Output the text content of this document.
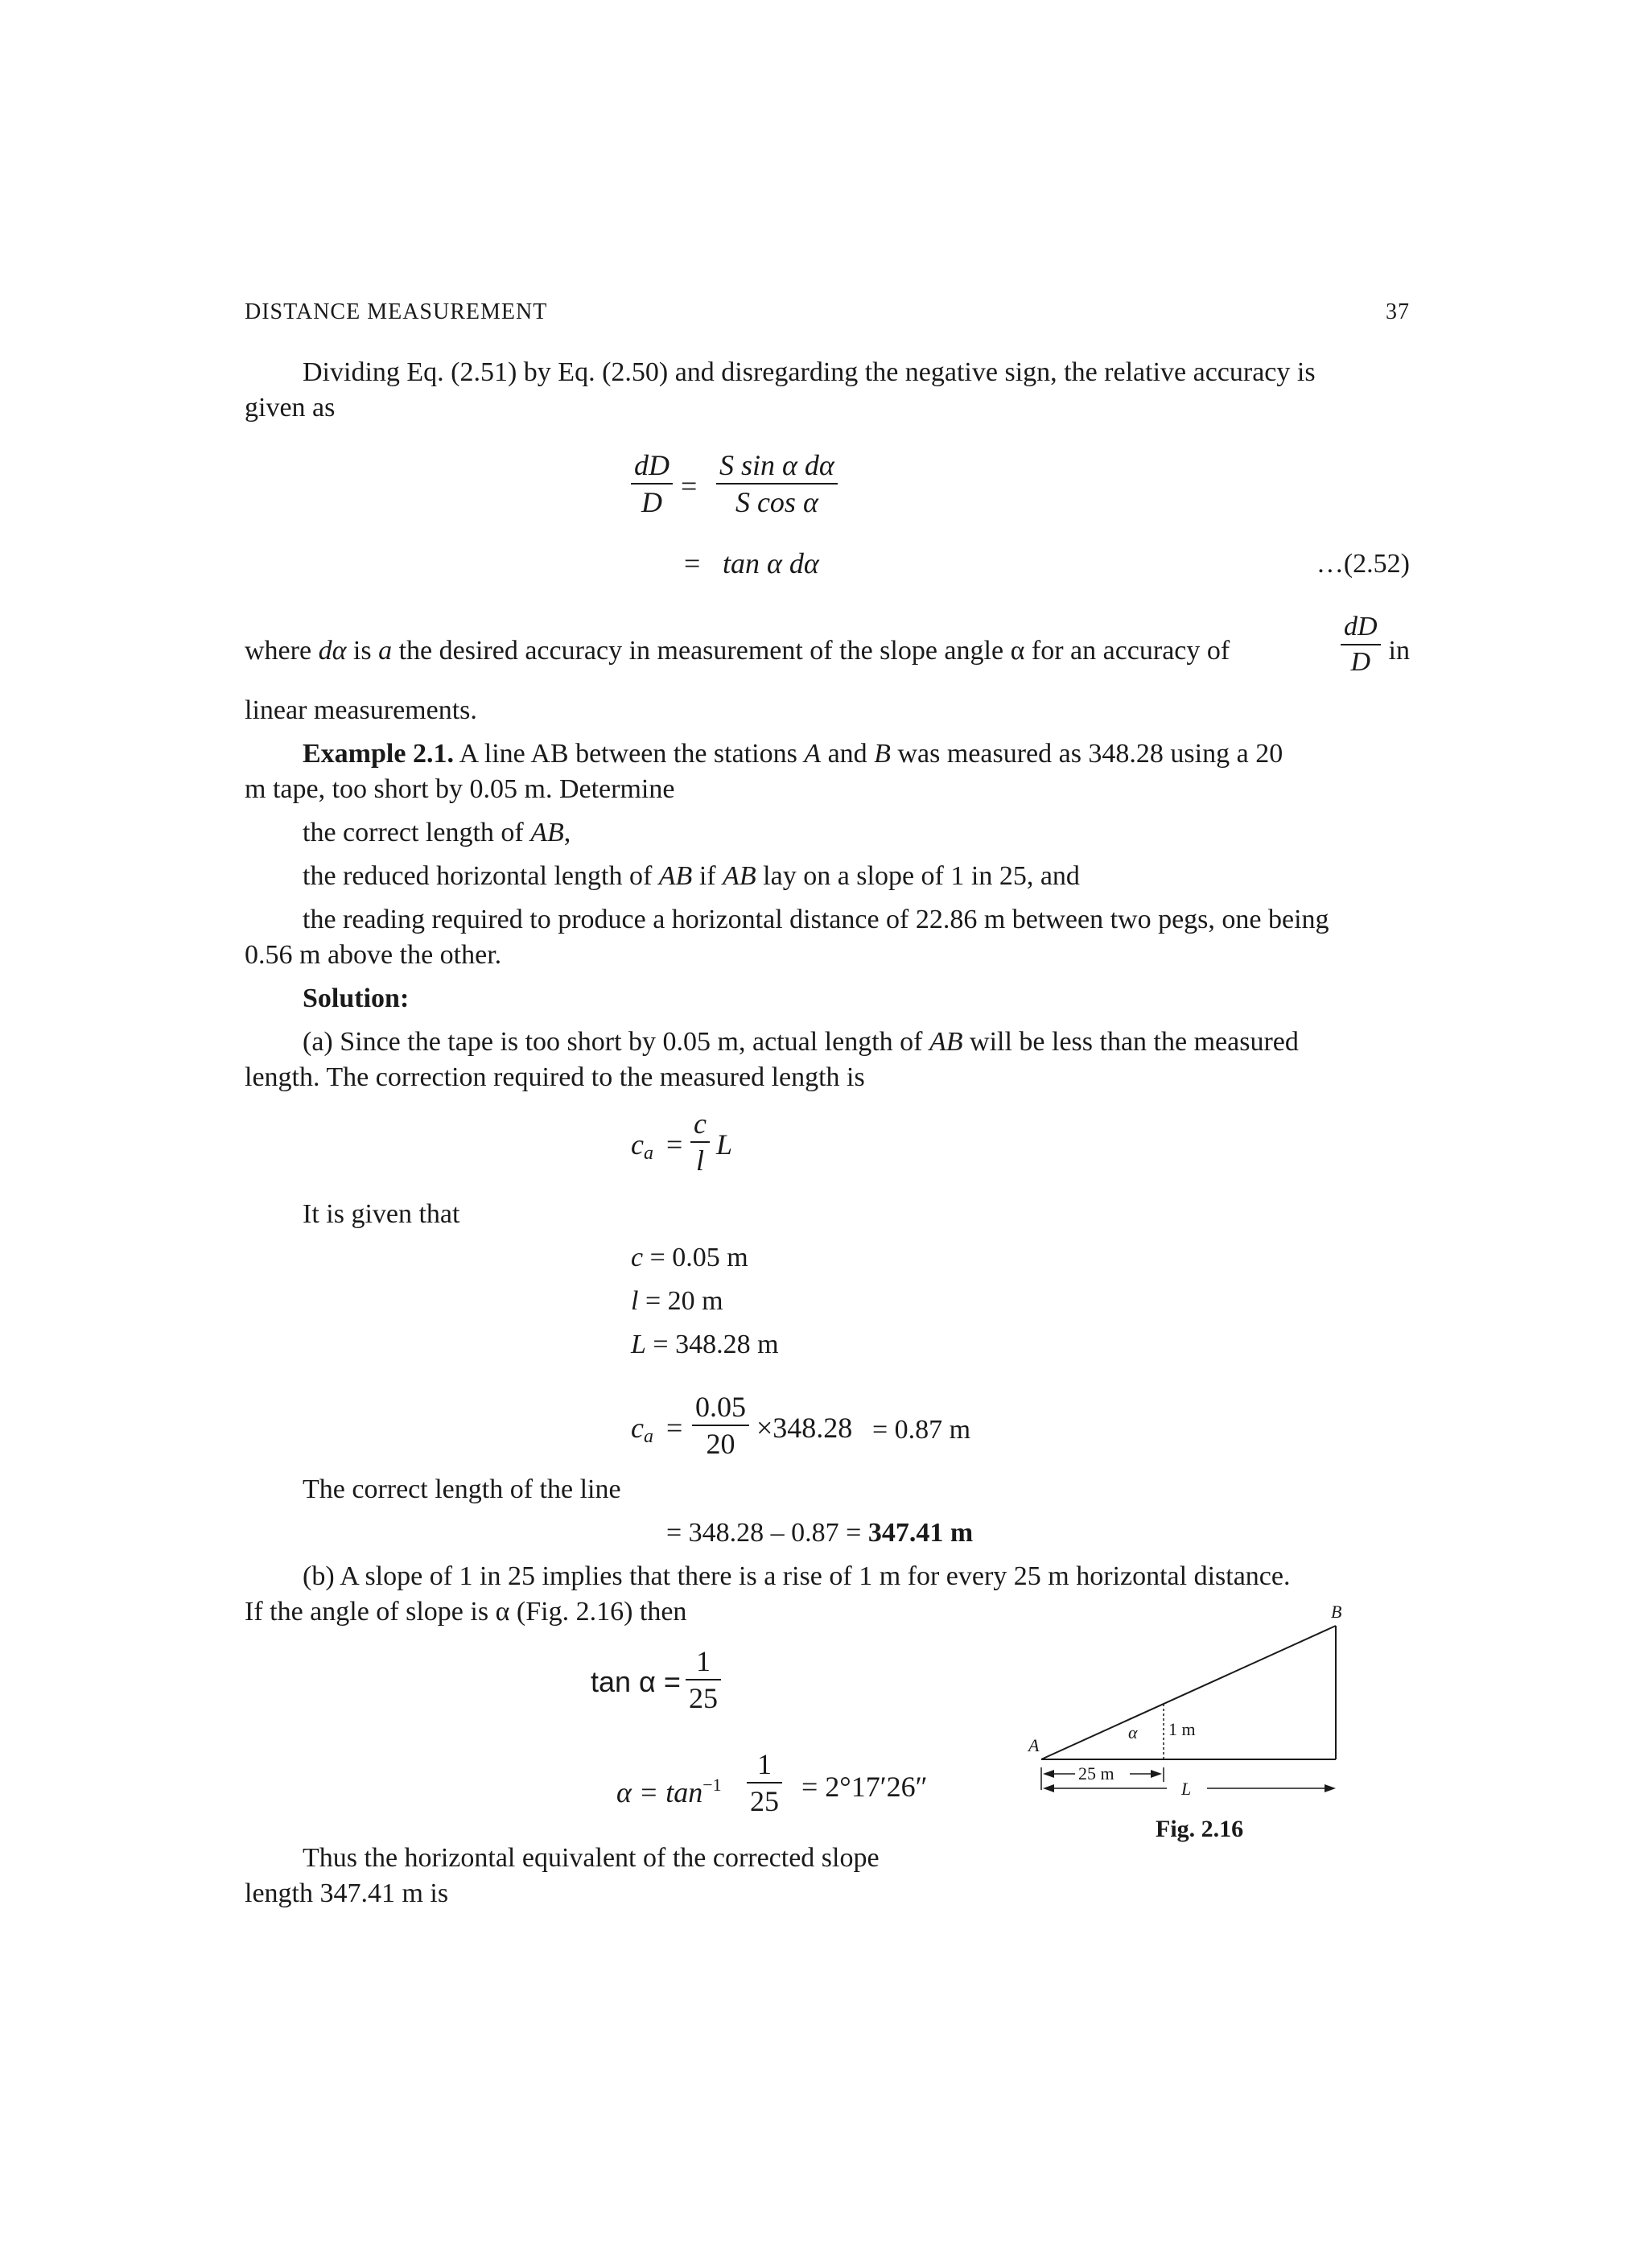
DISTANCE MEASUREMENT	37
Dividing Eq. (2.51) by Eq. (2.50) and disregarding the negative sign, the relative accuracy is
given as
dD
D =
S sin α dα
S cos α
= tan α dα	…(2.52)
where dα is a the desired accuracy in measurement of the slope angle α for an accuracy of
dD
D in
linear measurements.
Example 2.1. A line AB between the stations A and B was measured as 348.28 using a 20
m tape, too short by 0.05 m. Determine
the correct length of AB,
the reduced horizontal length of AB if AB lay on a slope of 1 in 25, and
the reading required to produce a horizontal distance of 22.86 m between two pegs, one being
0.56 m above the other.
Solution:
(a) Since the tape is too short by 0.05 m, actual length of AB will be less than the measured
length. The correction required to the measured length is
$c_a$ =
c
l L
It is given that
c = 0.05 m
l = 20 m
L = 348.28 m
$c_a$ =
0.05
20 ×348.28 = 0.87 m
The correct length of the line
= 348.28 – 0.87 = 347.41 m
(b) A slope of 1 in 25 implies that there is a rise of 1 m for every 25 m horizontal distance.
If the angle of slope is α (Fig. 2.16) then
tan α =
1
25
$\alpha = \tan^{-1}$
1
25 = 2°17′26″
Thus the horizontal equivalent of the corrected slope
length 347.41 m is
A
B
α 1 m
25 m
L
Fig. 2.16
